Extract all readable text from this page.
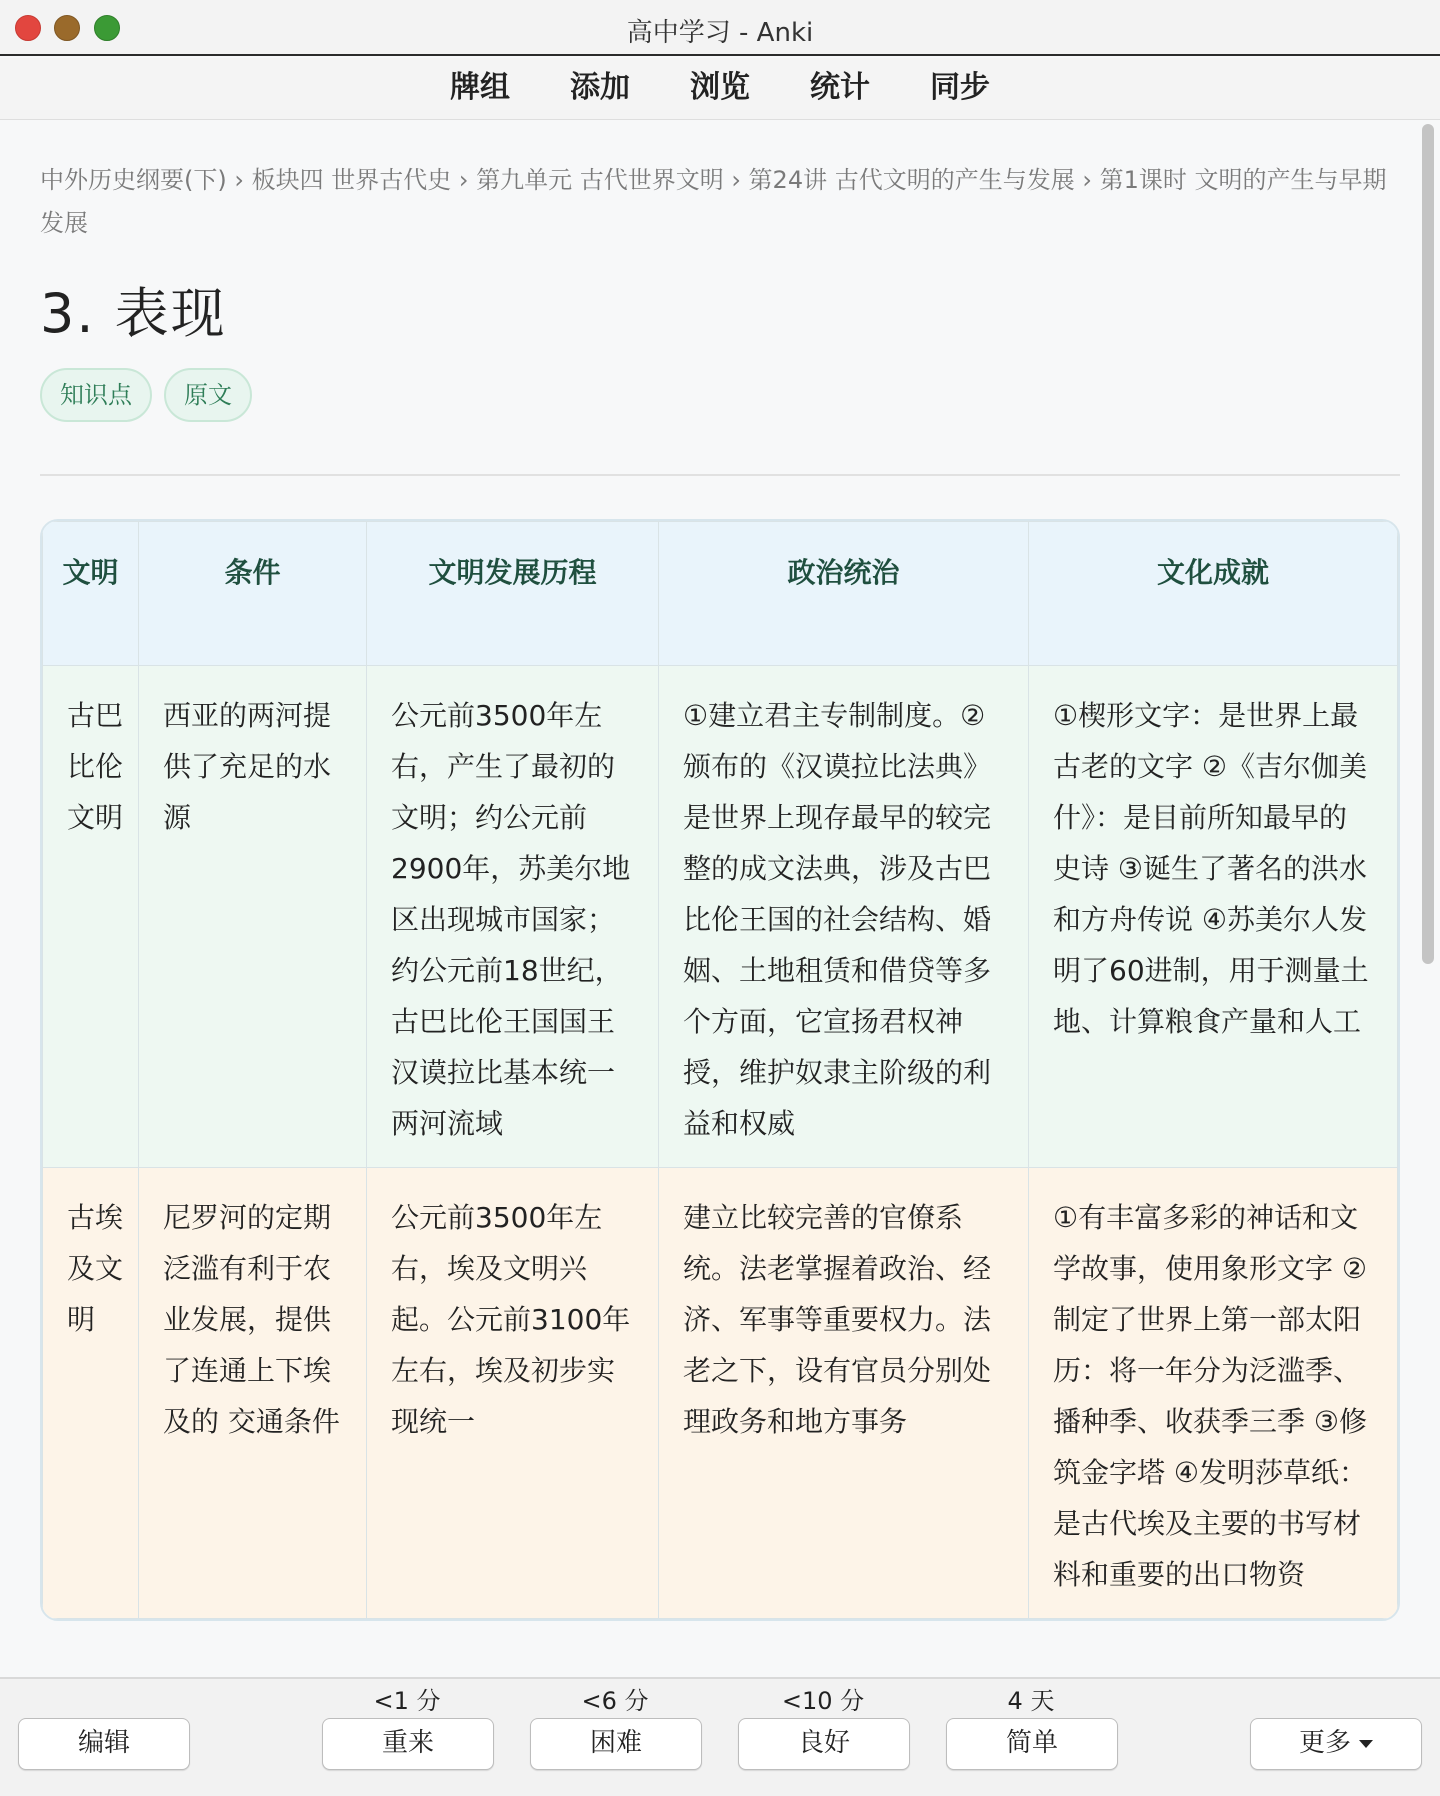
高中学习 - Anki
牌组	添加	浏览	统计	同步
中外历史纲要(下) › 板块四 世界古代史 › 第九单元 古代世界文明 › 第24讲 古代文明的产生与发展 › 第1课时 文明的产生与早期发展
3. 表现
知识点	原文
文明	条件	文明发展历程	政治统治	文化成就
古巴比伦文明	西亚的两河提供了充足的水源	公元前3500年左右，产生了最初的文明；约公元前2900年，苏美尔地区出现城市国家；约公元前18世纪，古巴比伦王国国王汉谟拉比基本统一两河流域	①建立君主专制制度。②颁布的《汉谟拉比法典》是世界上现存最早的较完整的成文法典，涉及古巴比伦王国的社会结构、婚姻、土地租赁和借贷等多个方面，它宣扬君权神授，维护奴隶主阶级的利益和权威	①楔形文字：是世界上最古老的文字 ②《吉尔伽美什》：是目前所知最早的史诗 ③诞生了著名的洪水和方舟传说 ④苏美尔人发明了60进制，用于测量土地、计算粮食产量和人工
古埃及文明	尼罗河的定期泛滥有利于农业发展，提供了连通上下埃及的 交通条件	公元前3500年左右，埃及文明兴起。公元前3100年左右，埃及初步实现统一	建立比较完善的官僚系统。法老掌握着政治、经济、军事等重要权力。法老之下，设有官员分别处理政务和地方事务	①有丰富多彩的神话和文学故事，使用象形文字 ②制定了世界上第一部太阳历：将一年分为泛滥季、播种季、收获季三季 ③修筑金字塔 ④发明莎草纸：是古代埃及主要的书写材料和重要的出口物资
编辑
<1 分
重来
<6 分
困难
<10 分
良好
4 天
简单	更多
